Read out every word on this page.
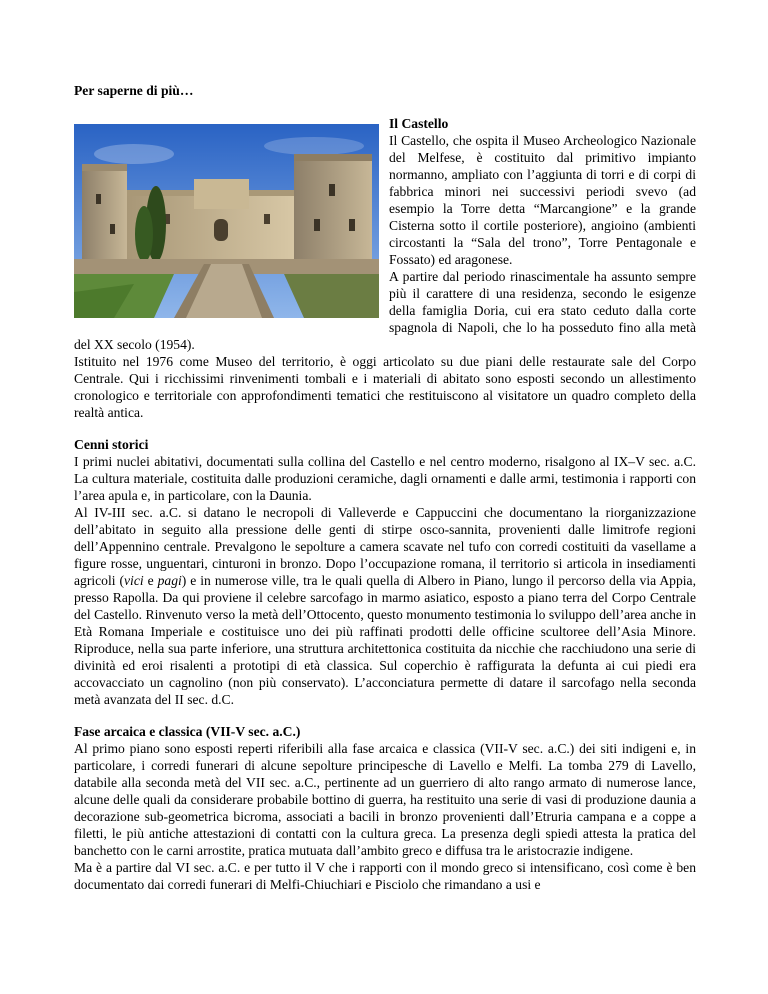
Per saperne di più…
Il Castello

Il Castello, che ospita il Museo Archeologico Nazionale del Melfese, è costituito dal primitivo impianto normanno, ampliato con l’aggiunta di torri e di corpi di fabbrica minori nei successivi periodi svevo (ad esempio la Torre detta “Marcangione” e la grande Cisterna sotto il cortile posteriore), angioino (ambienti circostanti la “Sala del trono”, Torre Pentagonale e Fossato) ed aragonese.

A partire dal periodo rinascimentale ha assunto sempre più il carattere di una residenza, secondo le esigenze della famiglia Doria, cui era stato ceduto dalla corte spagnola di Napoli, che lo ha posseduto fino alla metà del XX secolo (1954).

Istituito nel 1976 come Museo del territorio, è oggi articolato su due piani delle restaurate sale del Corpo Centrale. Qui i ricchissimi rinvenimenti tombali e i materiali di abitato sono esposti secondo un allestimento cronologico e territoriale con approfondimenti tematici che restituiscono al visitatore un quadro completo della realtà antica.

Cenni storici

I primi nuclei abitativi, documentati sulla collina del Castello e nel centro moderno, risalgono al IX–V sec. a.C. La cultura materiale, costituita dalle produzioni ceramiche, dagli ornamenti e dalle armi, testimonia i rapporti con l’area apula e, in particolare, con la Daunia.

Al IV-III sec. a.C. si datano le necropoli di Valleverde e Cappuccini che documentano la riorganizzazione dell’abitato in seguito alla pressione delle genti di stirpe osco-sannita, provenienti dalle limitrofe regioni dell’Appennino centrale. Prevalgono le sepolture a camera scavate nel tufo con corredi costituiti da vasellame a figure rosse, unguentari, cinturoni in bronzo. Dopo l’occupazione romana, il territorio si articola in insediamenti agricoli (vici e pagi) e in numerose ville, tra le quali quella di Albero in Piano, lungo il percorso della via Appia, presso Rapolla. Da qui proviene il celebre sarcofago in marmo asiatico, esposto a piano terra del Corpo Centrale del Castello. Rinvenuto verso la metà dell’Ottocento, questo monumento testimonia lo sviluppo dell’area anche in Età Romana Imperiale e costituisce uno dei più raffinati prodotti delle officine scultoree dell’Asia Minore. Riproduce, nella sua parte inferiore, una struttura architettonica costituita da nicchie che racchiudono una serie di divinità ed eroi risalenti a prototipi di età classica. Sul coperchio è raffigurata la defunta ai cui piedi era accovacciato un cagnolino (non più conservato). L’acconciatura permette di datare il sarcofago nella seconda metà avanzata del II sec. d.C.

Fase arcaica e classica (VII-V sec. a.C.)

Al primo piano sono esposti reperti riferibili alla fase arcaica e classica (VII-V sec. a.C.) dei siti indigeni e, in particolare, i corredi funerari di alcune sepolture principesche di Lavello e Melfi. La tomba 279 di Lavello, databile alla seconda metà del VII sec. a.C., pertinente ad un guerriero di alto rango armato di numerose lance, alcune delle quali da considerare probabile bottino di guerra, ha restituito una serie di vasi di produzione daunia a decorazione sub-geometrica bicroma, associati a bacili in bronzo provenienti dall’Etruria campana e a coppe a filetti, le più antiche attestazioni di contatti con la cultura greca. La presenza degli spiedi attesta la pratica del banchetto con le carni arrostite, pratica mutuata dall’ambito greco e diffusa tra le aristocrazie indigene.

Ma è a partire dal VI sec. a.C. e per tutto il V che i rapporti con il mondo greco si intensificano, così come è ben documentato dai corredi funerari di Melfi-Chiuchiari e Pisciolo che rimandano a usi e
